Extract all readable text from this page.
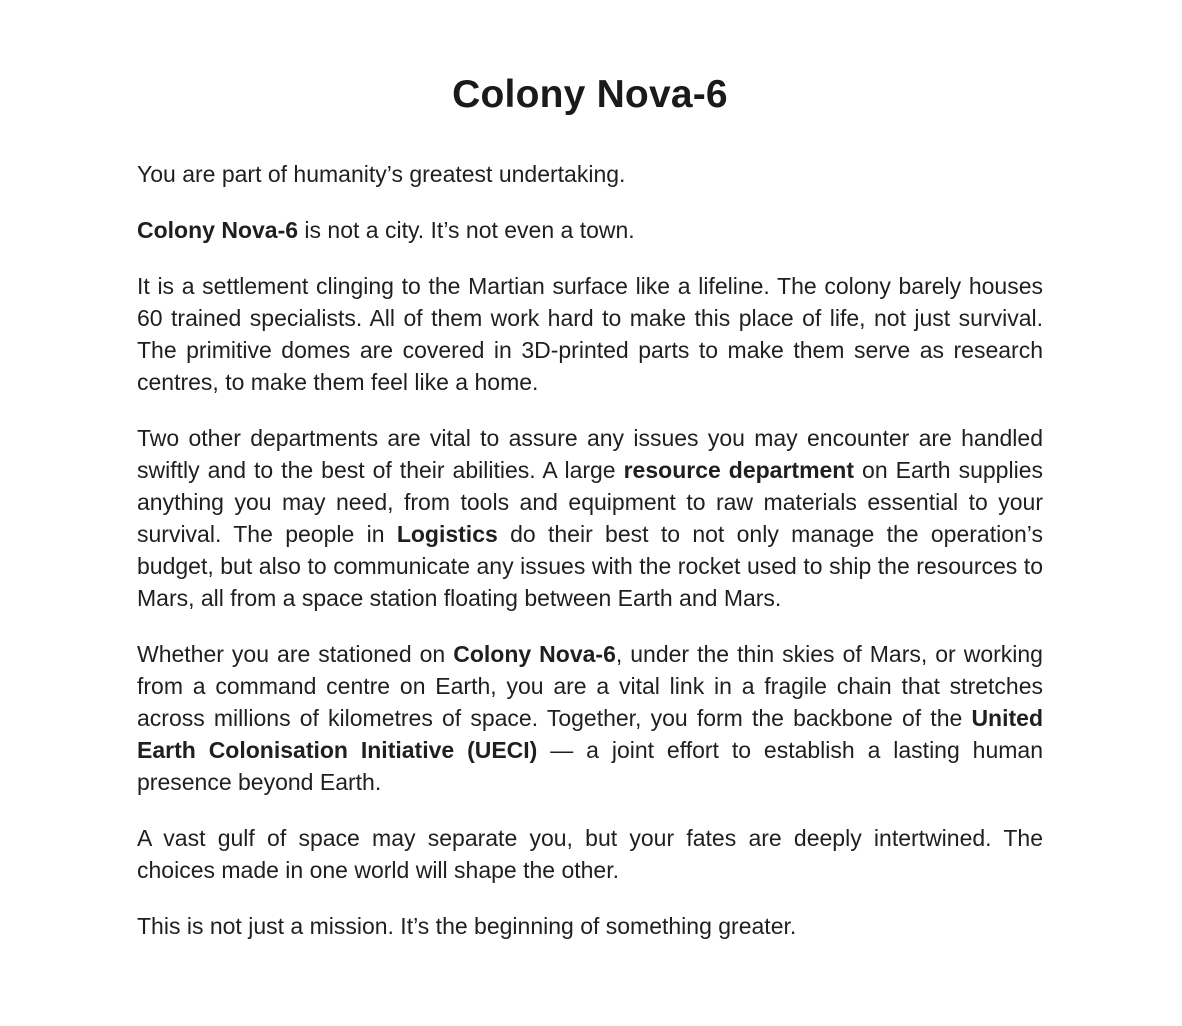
Colony Nova-6

You are part of humanity’s greatest undertaking.

Colony Nova-6 is not a city. It’s not even a town.

It is a settlement clinging to the Martian surface like a lifeline. The colony barely houses 60 trained specialists. All of them work hard to make this place of life, not just survival. The primitive domes are covered in 3D-printed parts to make them serve as research centres, to make them feel like a home.

Two other departments are vital to assure any issues you may encounter are handled swiftly and to the best of their abilities. A large resource department on Earth supplies anything you may need, from tools and equipment to raw materials essential to your survival. The people in Logistics do their best to not only manage the operation’s budget, but also to communicate any issues with the rocket used to ship the resources to Mars, all from a space station floating between Earth and Mars.

Whether you are stationed on Colony Nova-6, under the thin skies of Mars, or working from a command centre on Earth, you are a vital link in a fragile chain that stretches across millions of kilometres of space. Together, you form the backbone of the United Earth Colonisation Initiative (UECI) — a joint effort to establish a lasting human presence beyond Earth.

A vast gulf of space may separate you, but your fates are deeply intertwined. The choices made in one world will shape the other.

This is not just a mission. It’s the beginning of something greater.
